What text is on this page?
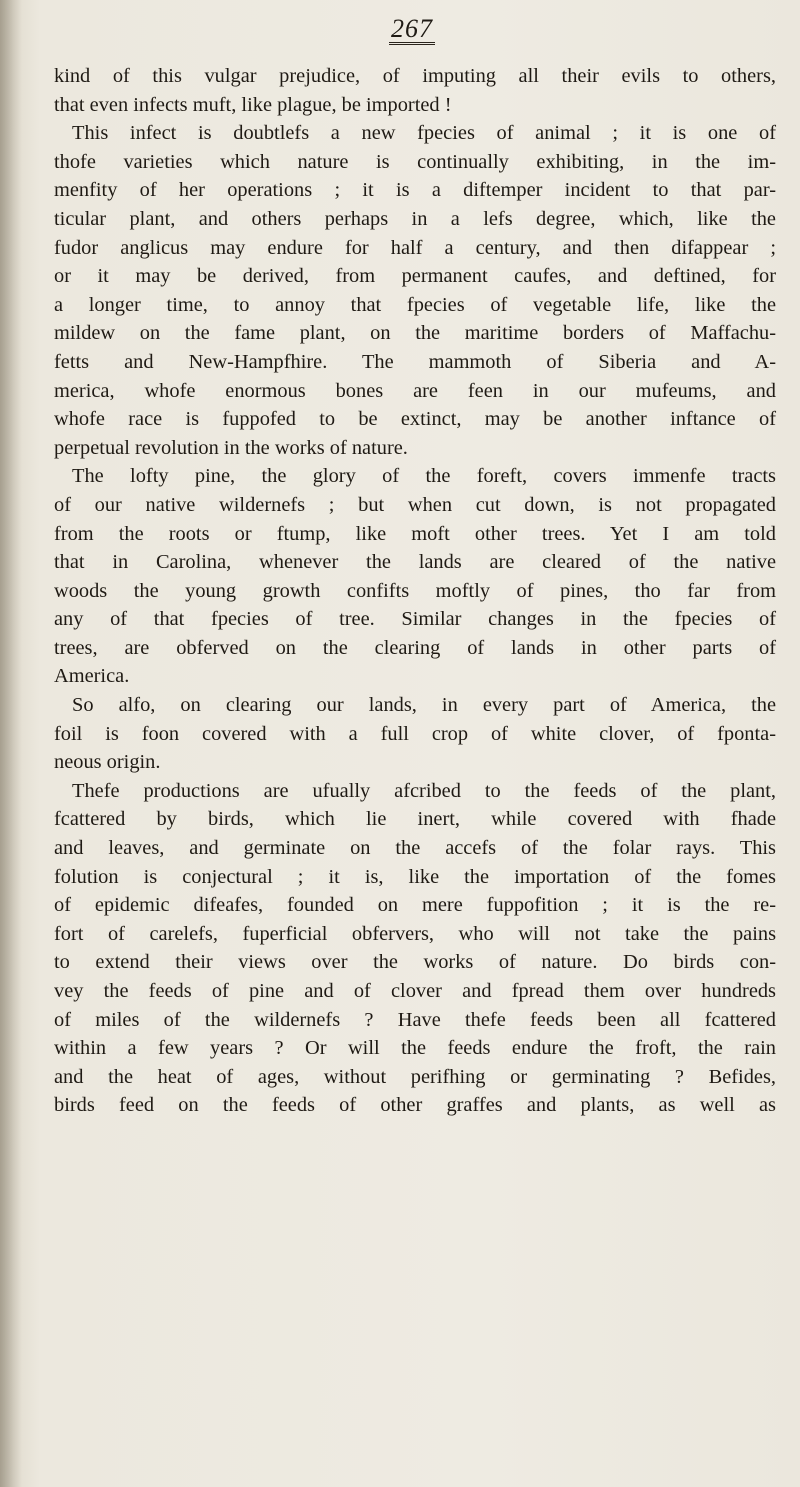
267
kind of this vulgar prejudice, of imputing all their evils to others,
that even infects muft, like plague, be imported !
This infect is doubtlefs a new fpecies of animal ; it is one of
thofe varieties which nature is continually exhibiting, in the im-
menfity of her operations ; it is a diftemper incident to that par-
ticular plant, and others perhaps in a lefs degree, which, like the
fudor anglicus may endure for half a century, and then difappear ;
or it may be derived, from permanent caufes, and deftined, for
a longer time, to annoy that fpecies of vegetable life, like the
mildew on the fame plant, on the maritime borders of Maffachu-
fetts and New-Hampfhire. The mammoth of Siberia and A-
merica, whofe enormous bones are feen in our mufeums, and
whofe race is fuppofed to be extinct, may be another inftance of
perpetual revolution in the works of nature.
The lofty pine, the glory of the foreft, covers immenfe tracts
of our native wildernefs ; but when cut down, is not propagated
from the roots or ftump, like moft other trees. Yet I am told
that in Carolina, whenever the lands are cleared of the native
woods the young growth confifts moftly of pines, tho far from
any of that fpecies of tree. Similar changes in the fpecies of
trees, are obferved on the clearing of lands in other parts of
America.
So alfo, on clearing our lands, in every part of America, the
foil is foon covered with a full crop of white clover, of fponta-
neous origin.
Thefe productions are ufually afcribed to the feeds of the plant,
fcattered by birds, which lie inert, while covered with fhade
and leaves, and germinate on the accefs of the folar rays. This
folution is conjectural ; it is, like the importation of the fomes
of epidemic difeafes, founded on mere fuppofition ; it is the re-
fort of carelefs, fuperficial obfervers, who will not take the pains
to extend their views over the works of nature. Do birds con-
vey the feeds of pine and of clover and fpread them over hundreds
of miles of the wildernefs ? Have thefe feeds been all fcattered
within a few years ? Or will the feeds endure the froft, the rain
and the heat of ages, without perifhing or germinating ? Befides,
birds feed on the feeds of other graffes and plants, as well as
